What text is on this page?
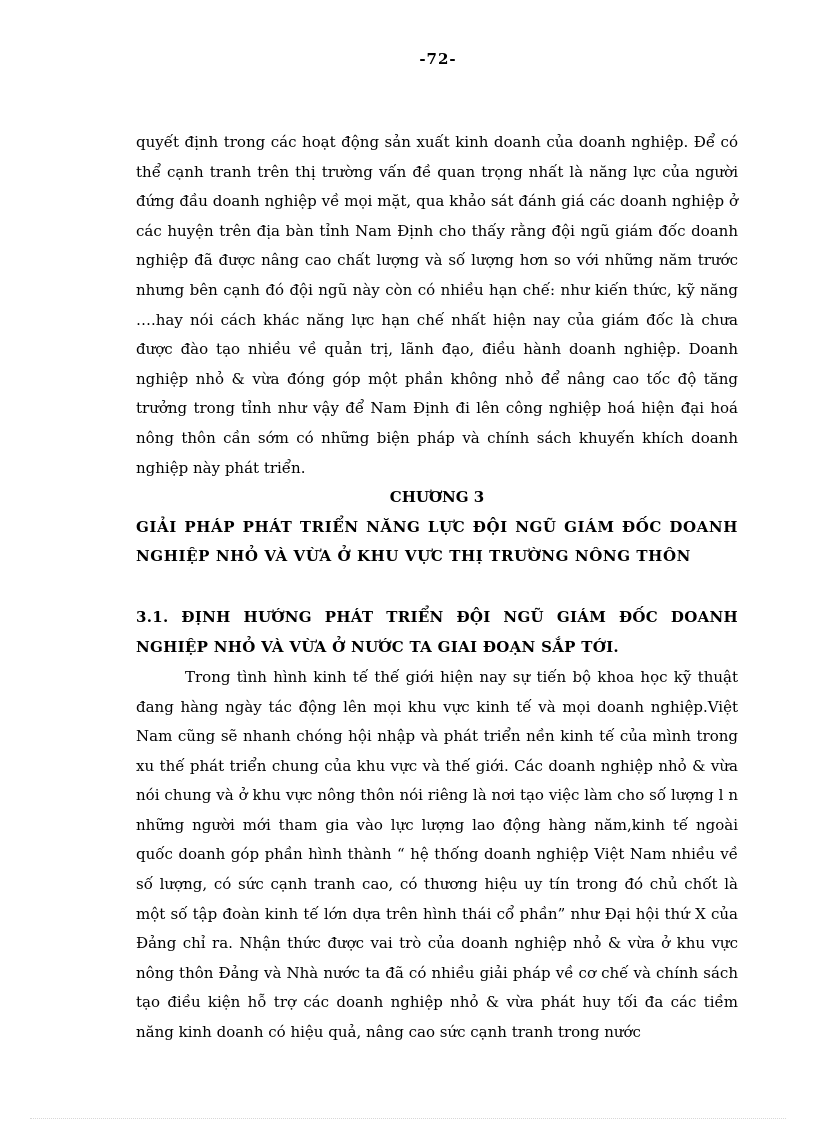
-72-

quyết định trong các hoạt động sản xuất kinh doanh của doanh nghiệp. Để có thể cạnh tranh trên thị trường vấn đề quan trọng nhất là năng lực của người đứng đầu doanh nghiệp về mọi mặt, qua khảo sát đánh giá các doanh nghiệp ở các huyện trên địa bàn tỉnh Nam Định cho thấy rằng đội ngũ giám đốc doanh nghiệp đã được nâng cao chất lượng và số lượng hơn so với những năm trước nhưng bên cạnh đó đội ngũ này còn có nhiều hạn chế: như kiến thức, kỹ năng ….hay nói cách khác năng lực hạn chế nhất hiện nay của giám đốc là chưa được đào tạo nhiều về quản trị, lãnh đạo, điều hành doanh nghiệp. Doanh nghiệp nhỏ & vừa đóng góp một phần không nhỏ để nâng cao tốc độ tăng trưởng trong tỉnh như vậy để Nam Định đi lên công nghiệp hoá hiện đại hoá nông thôn cần sớm có những biện pháp và chính sách khuyến khích doanh nghiệp này phát triển.

CHƯƠNG 3

GIẢI PHÁP PHÁT TRIỂN NĂNG LỰC ĐỘI NGŨ GIÁM ĐỐC DOANH NGHIỆP NHỎ VÀ VỪA Ở KHU VỰC THỊ TRƯỜNG NÔNG THÔN

3.1. ĐỊNH HƯỚNG PHÁT TRIỂN ĐỘI NGŨ GIÁM ĐỐC DOANH NGHIỆP NHỎ VÀ VỪA Ở NƯỚC TA GIAI ĐOẠN SẮP TỚI.

Trong tình hình kinh tế thế giới hiện nay sự tiến bộ khoa học kỹ thuật đang hàng ngày tác động lên mọi khu vực kinh tế và mọi doanh nghiệp.Việt Nam cũng sẽ nhanh chóng hội nhập và phát triển nền kinh tế của mình trong xu thế phát triển chung của khu vực và thế giới. Các doanh nghiệp nhỏ & vừa nói chung và ở khu vực nông thôn nói riêng là nơi tạo việc làm cho số lượng l n những người mới tham gia vào lực lượng lao động hàng năm,kinh tế ngoài quốc doanh góp phần hình thành “ hệ thống doanh nghiệp Việt Nam nhiều về số lượng, có sức cạnh tranh cao, có thương hiệu uy tín trong đó chủ chốt là một số tập đoàn kinh tế lớn dựa trên hình thái cổ phần” như Đại hội thứ X của Đảng chỉ ra. Nhận thức được vai trò của doanh nghiệp nhỏ & vừa ở khu vực nông thôn Đảng và Nhà nước ta đã có nhiều giải pháp về cơ chế và chính sách tạo điều kiện hỗ trợ các doanh nghiệp nhỏ & vừa phát huy tối đa các tiềm năng kinh doanh có hiệu quả, nâng cao sức cạnh tranh trong nước
